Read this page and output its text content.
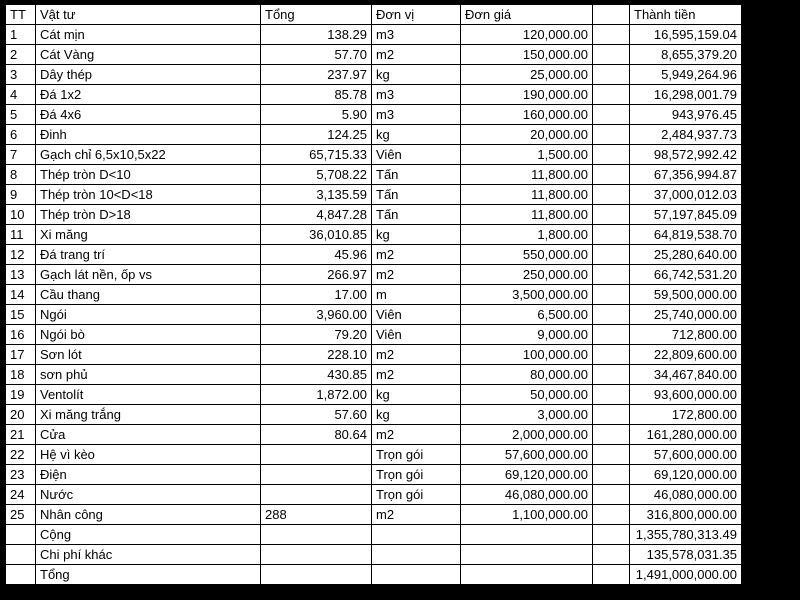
TT	Vật tư	Tổng	Đơn vị	Đơn giá		Thành tiền
1	Cát mịn	138.29	m3	120,000.00		16,595,159.04
2	Cát Vàng	57.70	m2	150,000.00		8,655,379.20
3	Dây thép	237.97	kg	25,000.00		5,949,264.96
4	Đá 1x2	85.78	m3	190,000.00		16,298,001.79
5	Đá 4x6	5.90	m3	160,000.00		943,976.45
6	Đinh	124.25	kg	20,000.00		2,484,937.73
7	Gạch chỉ 6,5x10,5x22	65,715.33	Viên	1,500.00		98,572,992.42
8	Thép tròn D<10	5,708.22	Tấn	11,800.00		67,356,994.87
9	Thép tròn 10<D<18	3,135.59	Tấn	11,800.00		37,000,012.03
10	Thép tròn D>18	4,847.28	Tấn	11,800.00		57,197,845.09
11	Xi măng	36,010.85	kg	1,800.00		64,819,538.70
12	Đá trang trí	45.96	m2	550,000.00		25,280,640.00
13	Gạch lát nền, ốp vs	266.97	m2	250,000.00		66,742,531.20
14	Cầu thang	17.00	m	3,500,000.00		59,500,000.00
15	Ngói	3,960.00	Viên	6,500.00		25,740,000.00
16	Ngói bò	79.20	Viên	9,000.00		712,800.00
17	Sơn lót	228.10	m2	100,000.00		22,809,600.00
18	sơn phủ	430.85	m2	80,000.00		34,467,840.00
19	Ventolít	1,872.00	kg	50,000.00		93,600,000.00
20	Xi măng trắng	57.60	kg	3,000.00		172,800.00
21	Cửa	80.64	m2	2,000,000.00		161,280,000.00
22	Hệ vì kèo		Trọn gói	57,600,000.00		57,600,000.00
23	Điện		Trọn gói	69,120,000.00		69,120,000.00
24	Nước		Trọn gói	46,080,000.00		46,080,000.00
25	Nhân công	288	m2	1,100,000.00		316,800,000.00
	Cộng					1,355,780,313.49
	Chi phí khác					135,578,031.35
	Tổng					1,491,000,000.00
